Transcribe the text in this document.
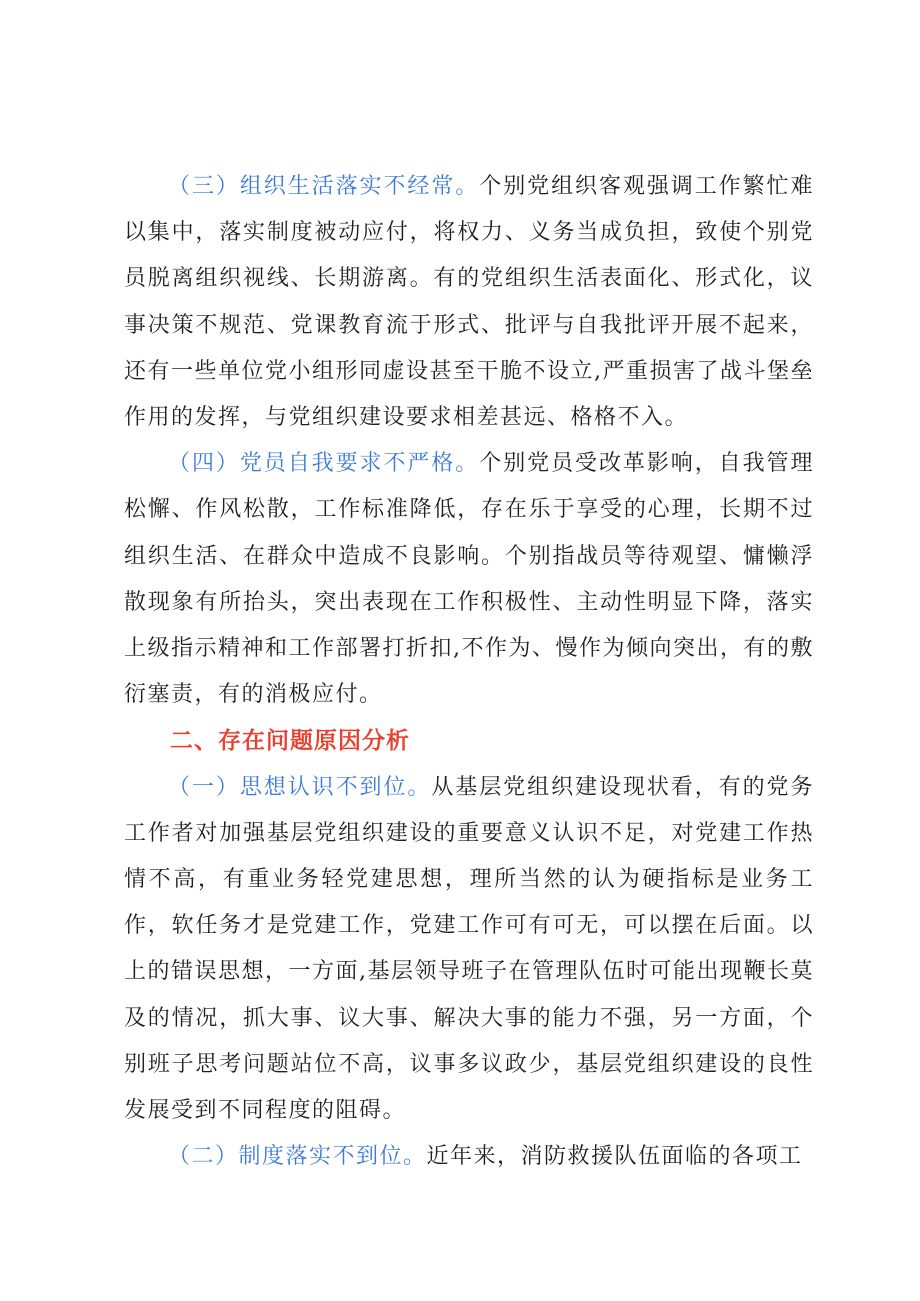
（三）组织生活落实不经常。个别党组织客观强调工作繁忙难以集中，落实制度被动应付，将权力、义务当成负担，致使个别党员脱离组织视线、长期游离。有的党组织生活表面化、形式化，议事决策不规范、党课教育流于形式、批评与自我批评开展不起来，还有一些单位党小组形同虚设甚至干脆不设立,严重损害了战斗堡垒作用的发挥，与党组织建设要求相差甚远、格格不入。

（四）党员自我要求不严格。个别党员受改革影响，自我管理松懈、作风松散，工作标准降低，存在乐于享受的心理，长期不过组织生活、在群众中造成不良影响。个别指战员等待观望、慵懒浮散现象有所抬头，突出表现在工作积极性、主动性明显下降，落实上级指示精神和工作部署打折扣,不作为、慢作为倾向突出，有的敷衍塞责，有的消极应付。

二、存在问题原因分析

（一）思想认识不到位。从基层党组织建设现状看，有的党务工作者对加强基层党组织建设的重要意义认识不足，对党建工作热情不高，有重业务轻党建思想，理所当然的认为硬指标是业务工作，软任务才是党建工作，党建工作可有可无，可以摆在后面。以上的错误思想，一方面,基层领导班子在管理队伍时可能出现鞭长莫及的情况，抓大事、议大事、解决大事的能力不强，另一方面，个别班子思考问题站位不高，议事多议政少，基层党组织建设的良性发展受到不同程度的阻碍。

（二）制度落实不到位。近年来，消防救援队伍面临的各项工
